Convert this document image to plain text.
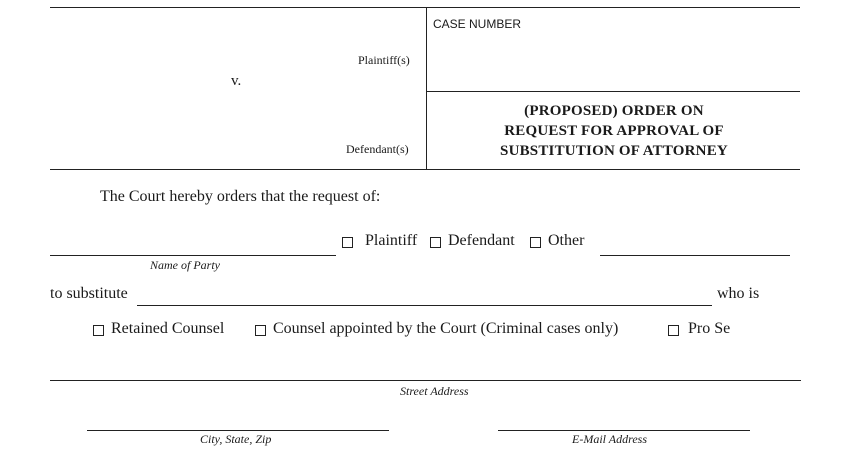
Plaintiff(s)
v.
Defendant(s)
CASE NUMBER
(PROPOSED) ORDER ON
REQUEST FOR APPROVAL OF
SUBSTITUTION OF ATTORNEY
The Court hereby orders that the request of:
Name of Party
Plaintiff Defendant Other
to substitute	who is
Retained Counsel	Counsel appointed by the Court (Criminal cases only)	Pro Se
Street Address
City, State, Zip	E-Mail Address
